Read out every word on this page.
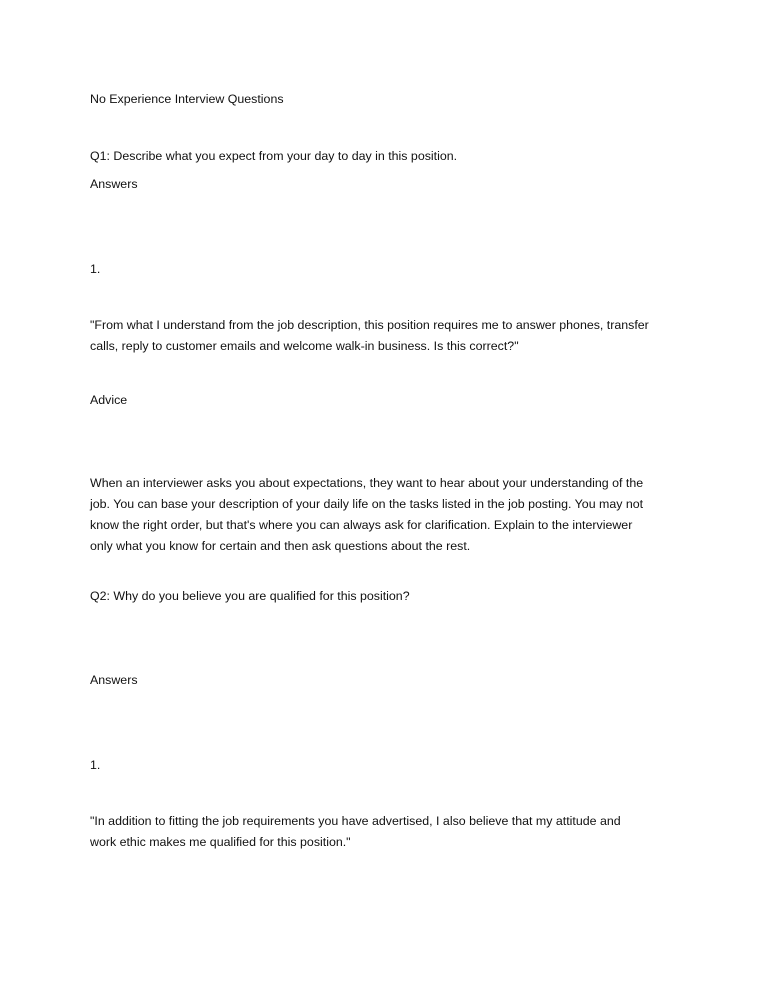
No Experience Interview Questions

Q1: Describe what you expect from your day to day in this position.

Answers

1.

"From what I understand from the job description, this position requires me to answer phones, transfer
calls, reply to customer emails and welcome walk-in business. Is this correct?"

Advice

When an interviewer asks you about expectations, they want to hear about your understanding of the
job. You can base your description of your daily life on the tasks listed in the job posting. You may not
know the right order, but that's where you can always ask for clarification. Explain to the interviewer
only what you know for certain and then ask questions about the rest.

Q2: Why do you believe you are qualified for this position?

Answers

1.

"In addition to fitting the job requirements you have advertised, I also believe that my attitude and
work ethic makes me qualified for this position."
